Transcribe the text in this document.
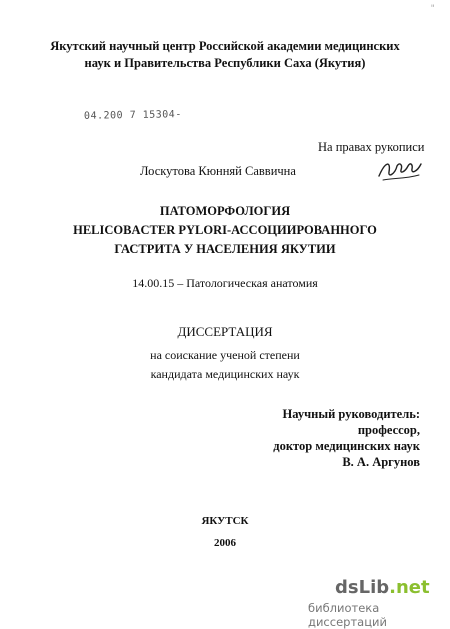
"
Якутский научный центр Российской академии медицинских
наук и Правительства Республики Саха (Якутия)
04.200 7 15304-
На правах рукописи
Лоскутова Кюнняй Саввична
ПАТОМОРФОЛОГИЯ
HELICOBACTER PYLORI-АССОЦИИРОВАННОГО
ГАСТРИТА У НАСЕЛЕНИЯ ЯКУТИИ
14.00.15 – Патологическая анатомия
ДИССЕРТАЦИЯ
на соискание ученой степени
кандидата медицинских наук
Научный руководитель:
профессор,
доктор медицинских наук
В. А. Аргунов
ЯКУТСК
2006
dsLib.net
библиотека диссертаций
